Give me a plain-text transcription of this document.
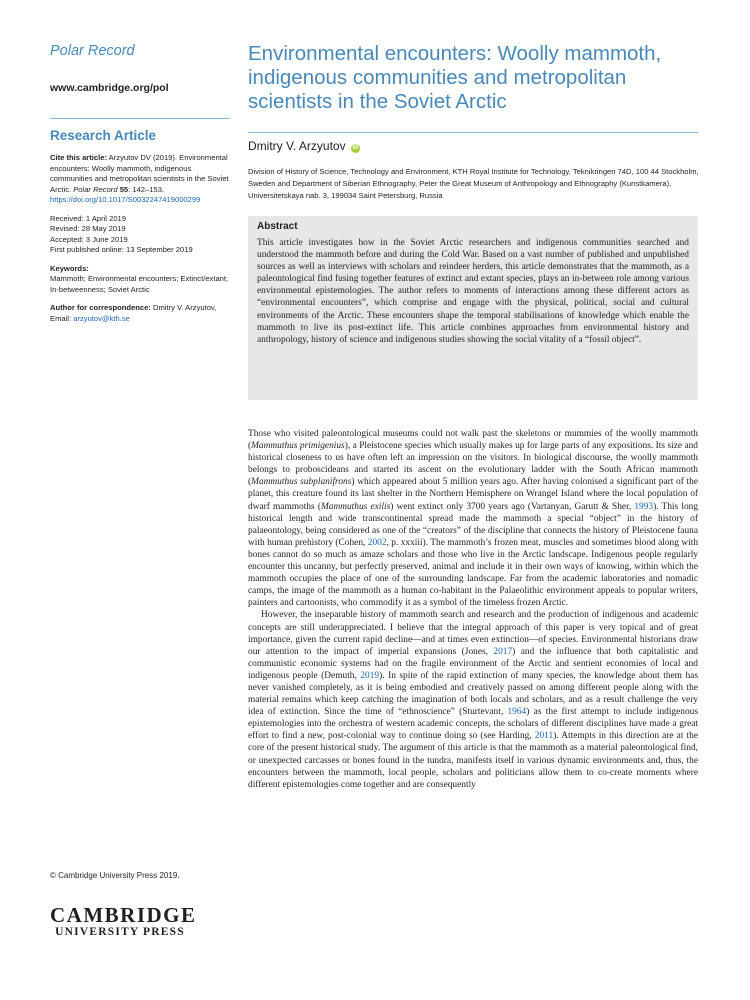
Polar Record
www.cambridge.org/pol
Research Article
Cite this article: Arzyutov DV (2019). Environmental encounters: Woolly mammoth, indigenous communities and metropolitan scientists in the Soviet Arctic. Polar Record 55: 142–153. https://doi.org/10.1017/S0032247419000299
Received: 1 April 2019
Revised: 28 May 2019
Accepted: 3 June 2019
First published online: 13 September 2019
Keywords:
Mammoth; Environmental encounters; Extinct/extant; In-betweenness; Soviet Arctic
Author for correspondence: Dmitry V. Arzyutov, Email: arzyutov@kth.se
© Cambridge University Press 2019.
CAMBRIDGE
UNIVERSITY PRESS
Environmental encounters: Woolly mammoth, indigenous communities and metropolitan scientists in the Soviet Arctic
Dmitry V. Arzyutov iD
Division of History of Science, Technology and Environment, KTH Royal Institute for Technology, Teknikringen 74D, 100 44 Stockholm, Sweden and Department of Siberian Ethnography, Peter the Great Museum of Anthropology and Ethnography (Kunstkamera), Universitetskaya nab. 3, 199034 Saint Petersburg, Russia
Abstract

This article investigates how in the Soviet Arctic researchers and indigenous communities searched and understood the mammoth before and during the Cold War. Based on a vast number of published and unpublished sources as well as interviews with scholars and reindeer herders, this article demonstrates that the mammoth, as a paleontological find fusing together features of extinct and extant species, plays an in-between role among various environmental epistemologies. The author refers to moments of interactions among these different actors as “environmental encounters”, which comprise and engage with the physical, political, social and cultural environments of the Arctic. These encounters shape the temporal stabilisations of knowledge which enable the mammoth to live its post-extinct life. This article combines approaches from environmental history and anthropology, history of science and indigenous studies showing the social vitality of a “fossil object”.

Those who visited paleontological museums could not walk past the skeletons or mummies of the woolly mammoth (Mammuthus primigenius), a Pleistocene species which usually makes up for large parts of any expositions. Its size and historical closeness to us have often left an impression on the visitors. In biological discourse, the woolly mammoth belongs to proboscideans and started its ascent on the evolutionary ladder with the South African mammoth (Mammuthus subplanifrons) which appeared about 5 million years ago. After having colonised a significant part of the planet, this creature found its last shelter in the Northern Hemisphere on Wrangel Island where the local population of dwarf mammoths (Mammuthus exilis) went extinct only 3700 years ago (Vartanyan, Garutt & Sher, 1993). This long historical length and wide transcontinental spread made the mammoth a special “object” in the history of palaeontology, being considered as one of the “creators” of the discipline that connects the history of Pleistocene fauna with human prehistory (Cohen, 2002, p. xxxiii). The mammoth’s frozen meat, muscles and sometimes blood along with bones cannot do so much as amaze scholars and those who live in the Arctic landscape. Indigenous people regularly encounter this uncanny, but perfectly preserved, animal and include it in their own ways of knowing, within which the mammoth occupies the place of one of the surrounding landscape. Far from the academic laboratories and nomadic camps, the image of the mammoth as a human co-habitant in the Palaeolithic environment appeals to popular writers, painters and cartoonists, who commodify it as a symbol of the timeless frozen Arctic.

However, the inseparable history of mammoth search and research and the production of indigenous and academic concepts are still underappreciated. I believe that the integral approach of this paper is very topical and of great importance, given the current rapid decline—and at times even extinction—of species. Environmental historians draw our attention to the impact of imperial expansions (Jones, 2017) and the influence that both capitalistic and communistic economic systems had on the fragile environment of the Arctic and sentient economies of local and indigenous people (Demuth, 2019). In spite of the rapid extinction of many species, the knowledge about them has never vanished completely, as it is being embodied and creatively passed on among different people along with the material remains which keep catching the imagination of both locals and scholars, and as a result challenge the very idea of extinction. Since the time of “ethnoscience” (Sturtevant, 1964) as the first attempt to include indigenous epistemologies into the orchestra of western academic concepts, the scholars of different disciplines have made a great effort to find a new, post-colonial way to continue doing so (see Harding, 2011). Attempts in this direction are at the core of the present historical study. The argument of this article is that the mammoth as a material paleontological find, or unexpected carcasses or bones found in the tundra, manifests itself in various dynamic environments and, thus, the encounters between the mammoth, local people, scholars and politicians allow them to co-create moments where different epistemologies come together and are consequently
